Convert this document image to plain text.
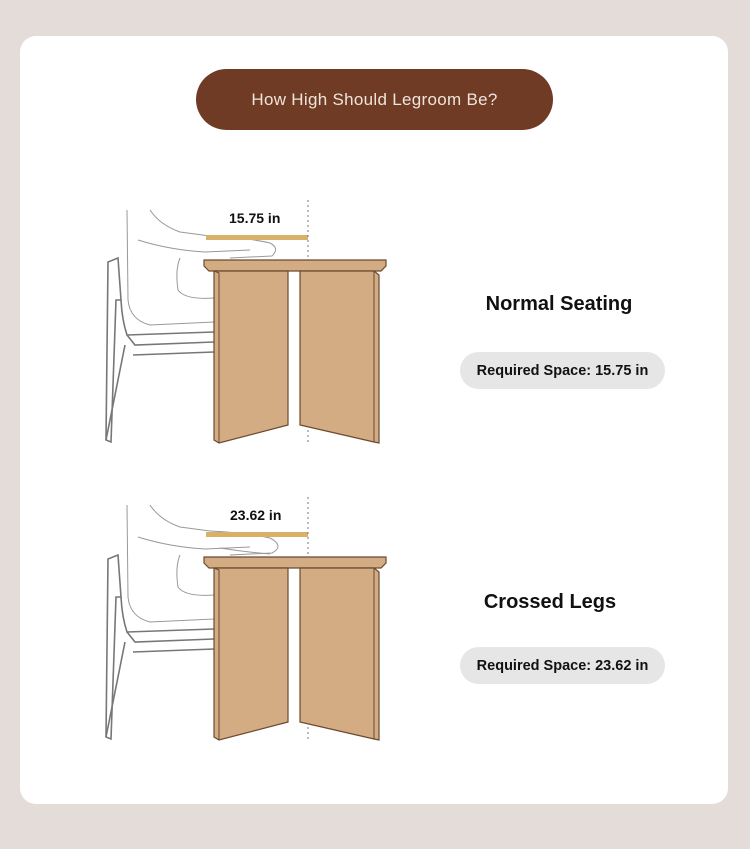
How High Should Legroom Be?
15.75 in
Normal Seating
Required Space: 15.75 in
23.62 in
Crossed Legs
Required Space: 23.62 in
